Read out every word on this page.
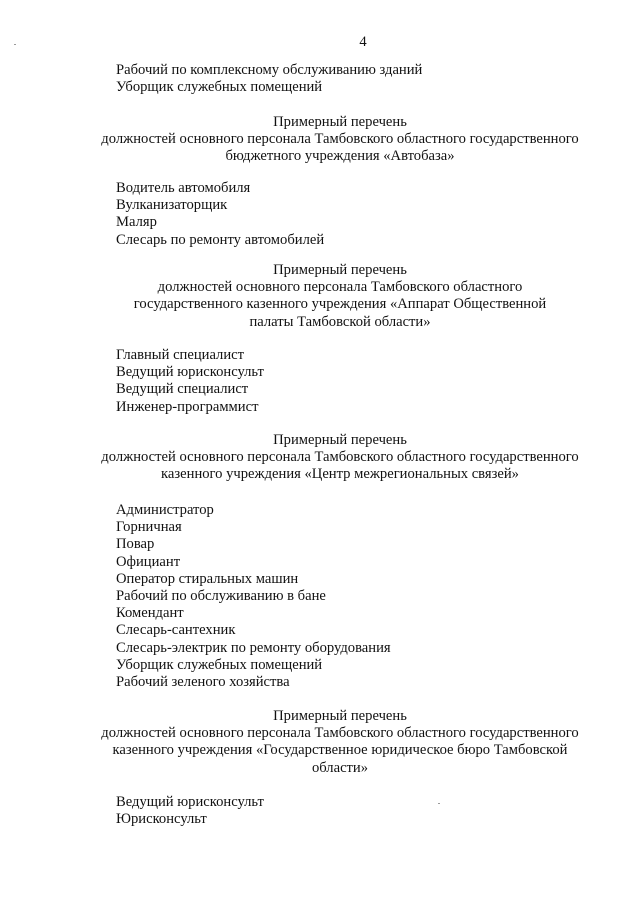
4
Рабочий по комплексному обслуживанию зданий
Уборщик служебных помещений
Примерный перечень
должностей основного персонала Тамбовского областного государственного
бюджетного учреждения «Автобаза»
Водитель автомобиля
Вулканизаторщик
Маляр
Слесарь по ремонту автомобилей
Примерный перечень
должностей основного персонала Тамбовского областного
государственного казенного учреждения «Аппарат Общественной
палаты Тамбовской области»
Главный специалист
Ведущий юрисконсульт
Ведущий специалист
Инженер-программист
Примерный перечень
должностей основного персонала Тамбовского областного государственного
казенного учреждения «Центр межрегиональных связей»
Администратор
Горничная
Повар
Официант
Оператор стиральных машин
Рабочий по обслуживанию в бане
Комендант
Слесарь-сантехник
Слесарь-электрик по ремонту оборудования
Уборщик служебных помещений
Рабочий зеленого хозяйства
Примерный перечень
должностей основного персонала Тамбовского областного государственного
казенного учреждения «Государственное юридическое бюро Тамбовской
области»
Ведущий юрисконсульт
Юрисконсульт
